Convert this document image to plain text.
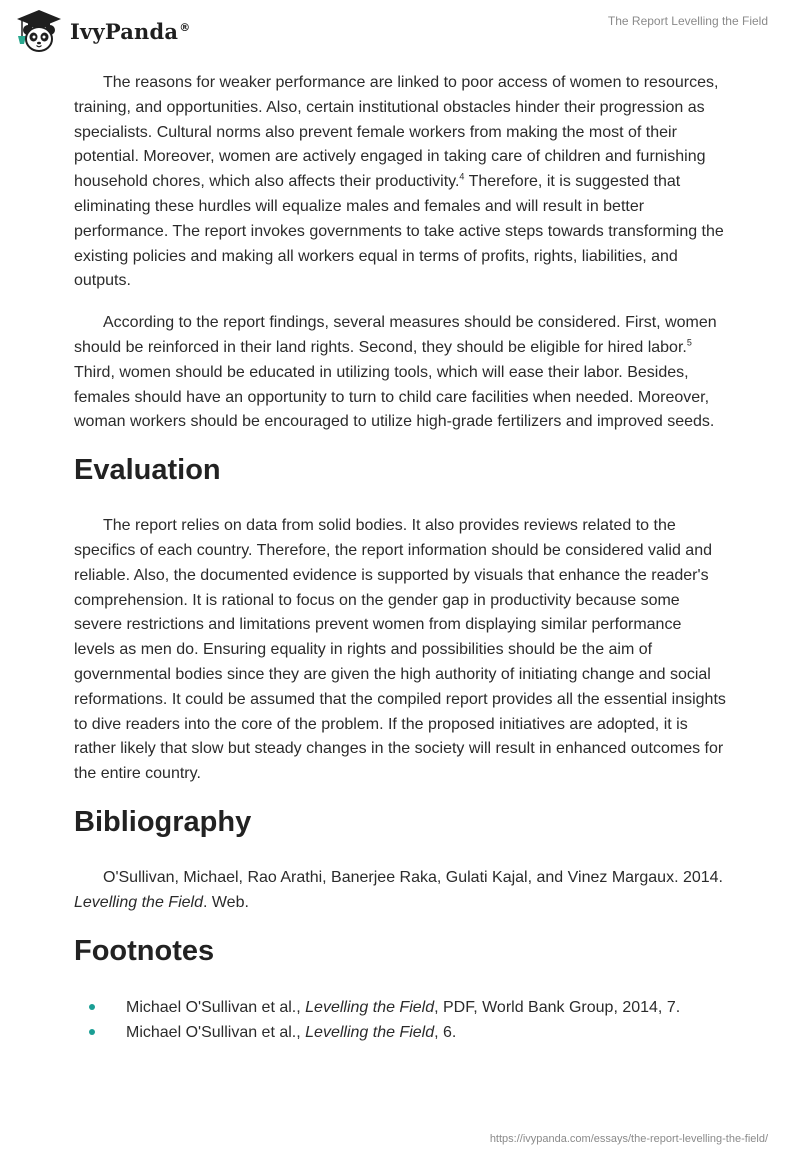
IvyPanda®	The Report Levelling the Field

The reasons for weaker performance are linked to poor access of women to resources, training, and opportunities. Also, certain institutional obstacles hinder their progression as specialists. Cultural norms also prevent female workers from making the most of their potential. Moreover, women are actively engaged in taking care of children and furnishing household chores, which also affects their productivity.$^4$ Therefore, it is suggested that eliminating these hurdles will equalize males and females and will result in better performance. The report invokes governments to take active steps towards transforming the existing policies and making all workers equal in terms of profits, rights, liabilities, and outputs.

According to the report findings, several measures should be considered. First, women should be reinforced in their land rights. Second, they should be eligible for hired labor.$^5$ Third, women should be educated in utilizing tools, which will ease their labor. Besides, females should have an opportunity to turn to child care facilities when needed. Moreover, woman workers should be encouraged to utilize high-grade fertilizers and improved seeds.

Evaluation

The report relies on data from solid bodies. It also provides reviews related to the specifics of each country. Therefore, the report information should be considered valid and reliable. Also, the documented evidence is supported by visuals that enhance the reader's comprehension. It is rational to focus on the gender gap in productivity because some severe restrictions and limitations prevent women from displaying similar performance levels as men do. Ensuring equality in rights and possibilities should be the aim of governmental bodies since they are given the high authority of initiating change and social reformations. It could be assumed that the compiled report provides all the essential insights to dive readers into the core of the problem. If the proposed initiatives are adopted, it is rather likely that slow but steady changes in the society will result in enhanced outcomes for the entire country.

Bibliography

O'Sullivan, Michael, Rao Arathi, Banerjee Raka, Gulati Kajal, and Vinez Margaux. 2014. Levelling the Field. Web.

Footnotes
Michael O'Sullivan et al., Levelling the Field, PDF, World Bank Group, 2014, 7.
Michael O'Sullivan et al., Levelling the Field, 6.
https://ivypanda.com/essays/the-report-levelling-the-field/
